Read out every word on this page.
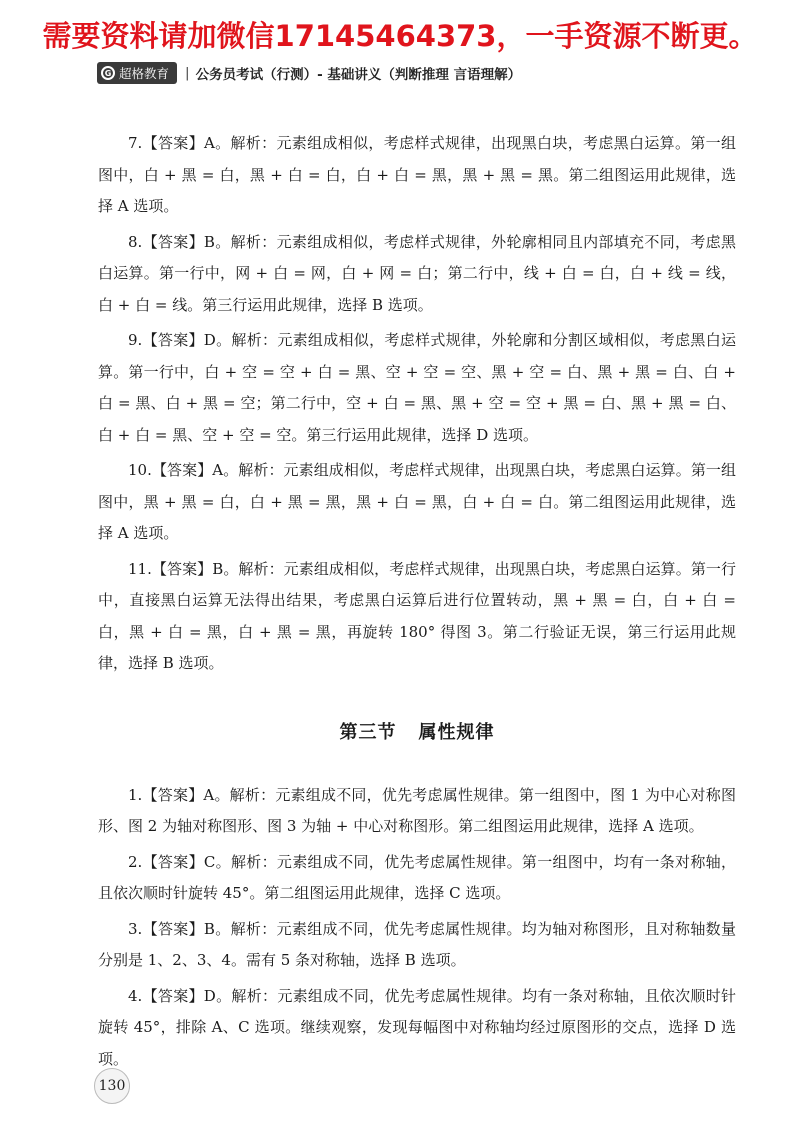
需要资料请加微信17145464373，一手资源不断更。
G 超格教育 | 公务员考试（行测）- 基础讲义（判断推理 言语理解）

7.【答案】A。解析：元素组成相似，考虑样式规律，出现黑白块，考虑黑白运算。第一组图中，白 + 黑 = 白，黑 + 白 = 白，白 + 白 = 黑，黑 + 黑 = 黑。第二组图运用此规律，选择 A 选项。

8.【答案】B。解析：元素组成相似，考虑样式规律，外轮廓相同且内部填充不同，考虑黑白运算。第一行中，网 + 白 = 网，白 + 网 = 白；第二行中，线 + 白 = 白，白 + 线 = 线，白 + 白 = 线。第三行运用此规律，选择 B 选项。

9.【答案】D。解析：元素组成相似，考虑样式规律，外轮廓和分割区域相似，考虑黑白运算。第一行中，白 + 空 = 空 + 白 = 黑、空 + 空 = 空、黑 + 空 = 白、黑 + 黑 = 白、白 + 白 = 黑、白 + 黑 = 空；第二行中，空 + 白 = 黑、黑 + 空 = 空 + 黑 = 白、黑 + 黑 = 白、白 + 白 = 黑、空 + 空 = 空。第三行运用此规律，选择 D 选项。

10.【答案】A。解析：元素组成相似，考虑样式规律，出现黑白块，考虑黑白运算。第一组图中，黑 + 黑 = 白，白 + 黑 = 黑，黑 + 白 = 黑，白 + 白 = 白。第二组图运用此规律，选择 A 选项。

11.【答案】B。解析：元素组成相似，考虑样式规律，出现黑白块，考虑黑白运算。第一行中，直接黑白运算无法得出结果，考虑黑白运算后进行位置转动，黑 + 黑 = 白，白 + 白 = 白，黑 + 白 = 黑，白 + 黑 = 黑，再旋转 180° 得图 3。第二行验证无误，第三行运用此规律，选择 B 选项。

第三节 属性规律

1.【答案】A。解析：元素组成不同，优先考虑属性规律。第一组图中，图 1 为中心对称图形、图 2 为轴对称图形、图 3 为轴 + 中心对称图形。第二组图运用此规律，选择 A 选项。

2.【答案】C。解析：元素组成不同，优先考虑属性规律。第一组图中，均有一条对称轴，且依次顺时针旋转 45°。第二组图运用此规律，选择 C 选项。

3.【答案】B。解析：元素组成不同，优先考虑属性规律。均为轴对称图形，且对称轴数量分别是 1、2、3、4。需有 5 条对称轴，选择 B 选项。

4.【答案】D。解析：元素组成不同，优先考虑属性规律。均有一条对称轴，且依次顺时针旋转 45°，排除 A、C 选项。继续观察，发现每幅图中对称轴均经过原图形的交点，选择 D 选项。

130
